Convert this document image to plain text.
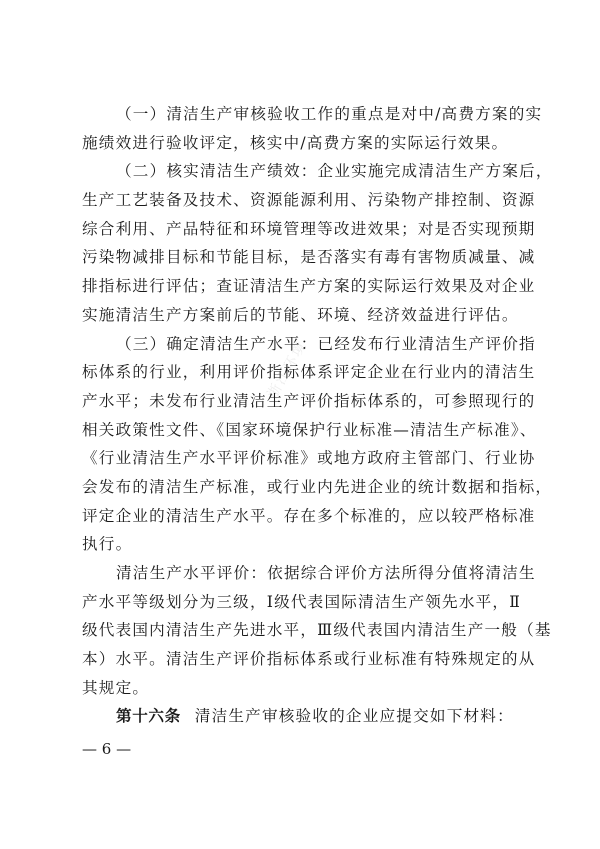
（一）清洁生产审核验收工作的重点是对中/高费方案的实
施绩效进行验收评定，核实中/高费方案的实际运行效果。
（二）核实清洁生产绩效：企业实施完成清洁生产方案后，
生产工艺装备及技术、资源能源利用、污染物产排控制、资源
综合利用、产品特征和环境管理等改进效果；对是否实现预期
污染物减排目标和节能目标，是否落实有毒有害物质减量、减
排指标进行评估；查证清洁生产方案的实际运行效果及对企业
实施清洁生产方案前后的节能、环境、经济效益进行评估。
（三）确定清洁生产水平：已经发布行业清洁生产评价指
标体系的行业，利用评价指标体系评定企业在行业内的清洁生
产水平；未发布行业清洁生产评价指标体系的，可参照现行的
相关政策性文件、《国家环境保护行业标准—清洁生产标准》、
《行业清洁生产水平评价标准》或地方政府主管部门、行业协
会发布的清洁生产标准，或行业内先进企业的统计数据和指标，
评定企业的清洁生产水平。存在多个标准的，应以较严格标准
执行。
清洁生产水平评价：依据综合评价方法所得分值将清洁生
产水平等级划分为三级，Ⅰ级代表国际清洁生产领先水平，Ⅱ
级代表国内清洁生产先进水平，Ⅲ级代表国内清洁生产一般（基
本）水平。清洁生产评价指标体系或行业标准有特殊规定的从
其规定。
第十六条 清洁生产审核验收的企业应提交如下材料：
— 6 —
浙江环境
